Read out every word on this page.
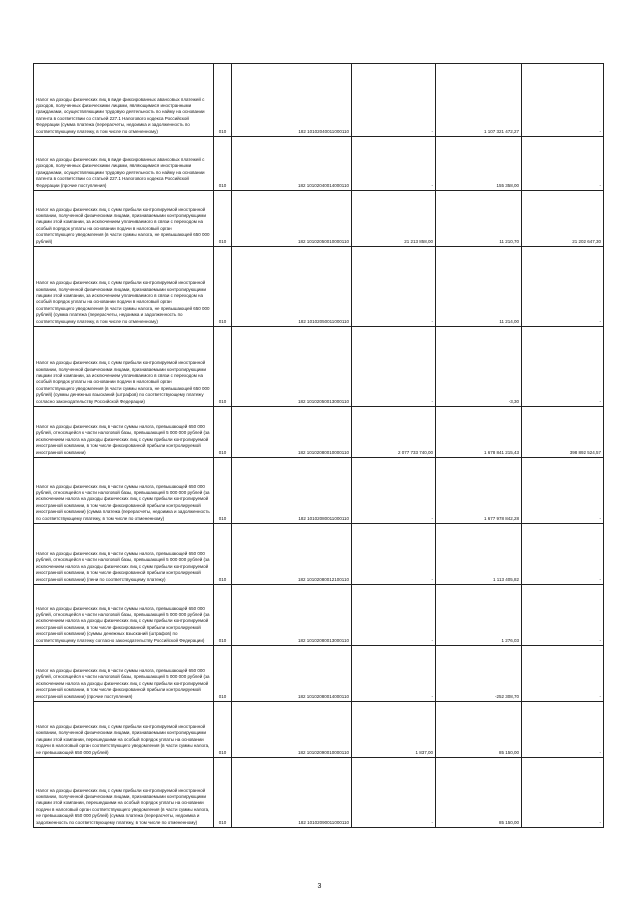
Налог на доходы физических лиц в виде фиксированных авансовых платежей с доходов, полученных физическими лицами, являющимися иностранными гражданами, осуществляющими трудовую деятельность по найму на основании патента в соответствии со статьей 227.1 Налогового кодекса Российской Федерации (сумма платежа (перерасчеты, недоимка и задолженность по соответствующему платежу, в том числе по отмененному)	010	182 10102040011000110	-	1 107 321 472,27	-

Налог на доходы физических лиц в виде фиксированных авансовых платежей с доходов, полученных физическими лицами, являющимися иностранными гражданами, осуществляющими трудовую деятельность по найму на основании патента в соответствии со статьей 227.1 Налогового кодекса Российской Федерации (прочие поступления)	010	182 10102040014000110	-	155 358,00	-

Налог на доходы физических лиц с сумм прибыли контролируемой иностранной компании, полученной физическими лицами, признаваемыми контролирующими лицами этой компании, за исключением уплачиваемого в связи с переходом на особый порядок уплаты на основании подачи в налоговый орган соответствующего уведомления (в части суммы налога, не превышающей 650 000 рублей)	010	182 10102050010000110	21 213 858,00	11 210,70	21 202 647,30

Налог на доходы физических лиц с сумм прибыли контролируемой иностранной компании, полученной физическими лицами, признаваемыми контролирующими лицами этой компании, за исключением уплачиваемого в связи с переходом на особый порядок уплаты на основании подачи в налоговый орган соответствующего уведомления (в части суммы налога, не превышающей 650 000 рублей) (сумма платежа (перерасчеты, недоимка и задолженность по соответствующему платежу, в том числе по отмененному)	010	182 10102050011000110	-	11 214,00	-

Налог на доходы физических лиц с сумм прибыли контролируемой иностранной компании, полученной физическими лицами, признаваемыми контролирующими лицами этой компании, за исключением уплачиваемого в связи с переходом на особый порядок уплаты на основании подачи в налоговый орган соответствующего уведомления (в части суммы налога, не превышающей 650 000 рублей) (суммы денежных взысканий (штрафов) по соответствующему платежу согласно законодательству Российской Федерации)	010	182 10102050013000110	-	-3,30	-

Налог на доходы физических лиц в части суммы налога, превышающей 650 000 рублей, относящейся к части налоговой базы, превышающей 5 000 000 рублей (за исключением налога на доходы физических лиц с сумм прибыли контролируемой иностранной компании, в том числе фиксированной прибыли контролируемой иностранной компании)	010	182 10102080010000110	2 077 733 740,00	1 678 841 215,43	398 892 524,57

Налог на доходы физических лиц в части суммы налога, превышающей 650 000 рублей, относящейся к части налоговой базы, превышающей 5 000 000 рублей (за исключением налога на доходы физических лиц с сумм прибыли контролируемой иностранной компании, в том числе фиксированной прибыли контролируемой иностранной компании) (сумма платежа (перерасчеты, недоимка и задолженность по соответствующему платежу, в том числе по отмененному)	010	182 10102080011000110	-	1 677 978 842,28	-

Налог на доходы физических лиц в части суммы налога, превышающей 650 000 рублей, относящейся к части налоговой базы, превышающей 5 000 000 рублей (за исключением налога на доходы физических лиц с сумм прибыли контролируемой иностранной компании, в том числе фиксированной прибыли контролируемой иностранной компании) (пени по соответствующему платежу)	010	182 10102080012100110	-	1 113 405,82	-

Налог на доходы физических лиц в части суммы налога, превышающей 650 000 рублей, относящейся к части налоговой базы, превышающей 5 000 000 рублей (за исключением налога на доходы физических лиц с сумм прибыли контролируемой иностранной компании, в том числе фиксированной прибыли контролируемой иностранной компании) (суммы денежных взысканий (штрафов) по соответствующему платежу согласно законодательству Российской Федерации)	010	182 10102080013000110	-	1 276,03	-

Налог на доходы физических лиц в части суммы налога, превышающей 650 000 рублей, относящейся к части налоговой базы, превышающей 5 000 000 рублей (за исключением налога на доходы физических лиц с сумм прибыли контролируемой иностранной компании, в том числе фиксированной прибыли контролируемой иностранной компании) (прочие поступления)	010	182 10102080014000110	-	-252 308,70	-

Налог на доходы физических лиц с сумм прибыли контролируемой иностранной компании, полученной физическими лицами, признаваемыми контролирующими лицами этой компании, перешедшими на особый порядок уплаты на основании подачи в налоговый орган соответствующего уведомления (в части суммы налога, не превышающей 650 000 рублей)	010	182 10102090010000110	1 837,00	85 150,00	-

Налог на доходы физических лиц с сумм прибыли контролируемой иностранной компании, полученной физическими лицами, признаваемыми контролирующими лицами этой компании, перешедшими на особый порядок уплаты на основании подачи в налоговый орган соответствующего уведомления (в части суммы налога, не превышающей 650 000 рублей) (сумма платежа (перерасчеты, недоимка и задолженность по соответствующему платежу, в том числе по отмененному)	010	182 10102090011000110	-	85 150,00	-
3
